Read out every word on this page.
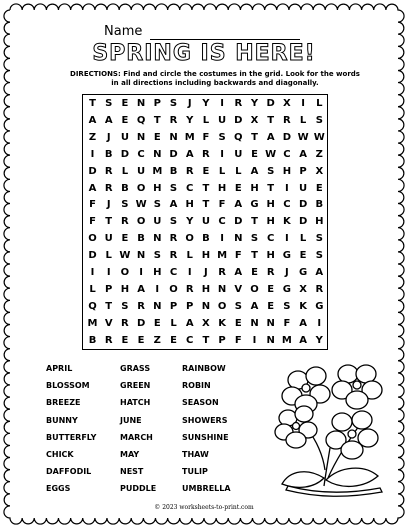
Name
SPRING IS HERE!
DIRECTIONS: Find and circle the costumes in the grid. Look for the words in all directions including backwards and diagonally.
T S E N P S	J	Y	I	R Y D X	I	L
A A E Q T R Y L U D X T R L S
Z	J	U N E N M F S Q T A D W W
I	B D C N D A R	I	U E W C A Z
D R L U M B R E L L A S H P X
A R B O H S C T H E H T	I	U E
F	J	S W S A H T F A G H C D B
F T R O U S Y U C D T H K D H
O U E B N R O B	I	N S C	I	L S
D L W N S R L H M F T H G E S
I	I	O	I	H C	I	J	R A E R	J	G A
L P H A	I	O R H N V O E G X R
Q T S R N P P N O S A E S K G
M V R D E L A X K E N N F A	I
B R E E Z E C T P F	I	N M A Y
APRIL
BLOSSOM
BREEZE
BUNNY
BUTTERFLY
CHICK
DAFFODIL
EGGS
GRASS
GREEN
HATCH
JUNE
MARCH
MAY
NEST
PUDDLE
RAINBOW
ROBIN
SEASON
SHOWERS
SUNSHINE
THAW
TULIP
UMBRELLA
© 2023 worksheets-to-print.com
